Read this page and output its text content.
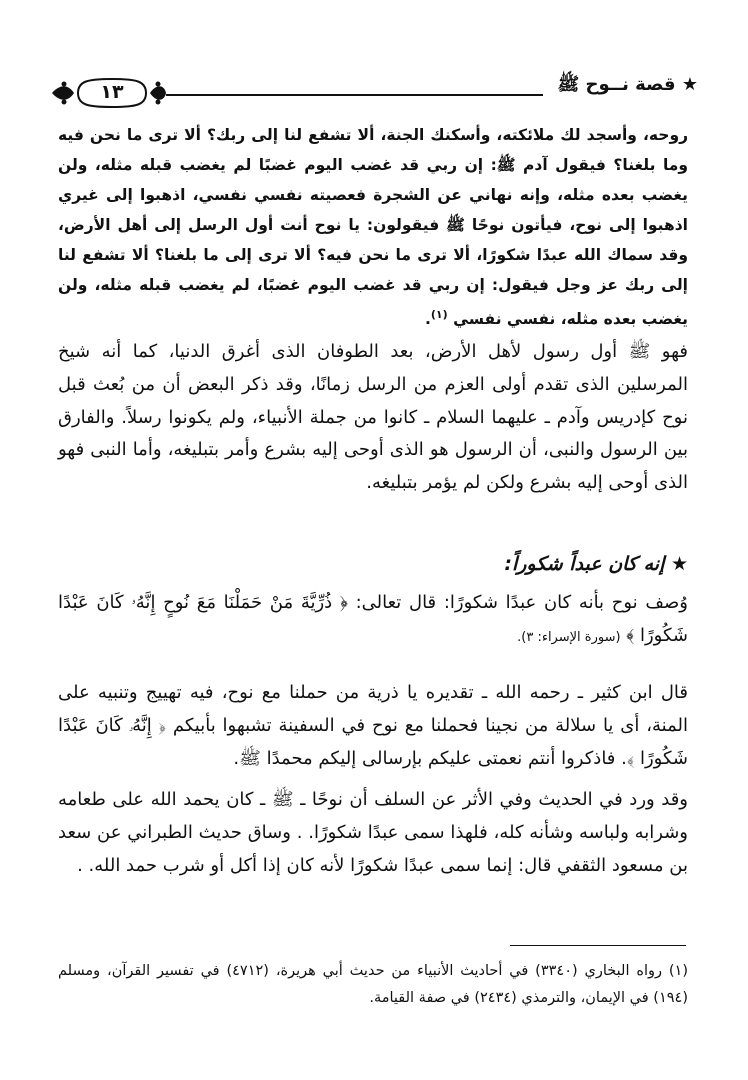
١٣	★ قصة نــوح ﷺ
روحه، وأسجد لك ملائكته، وأسكنك الجنة، ألا تشفع لنا إلى ربك؟ ألا ترى ما نحن فيه وما بلغنا؟ فيقول آدم ﷺ: إن ربي قد غضب اليوم غضبًا لم يغضب قبله مثله، ولن يغضب بعده مثله، وإنه نهاني عن الشجرة فعصيته نفسي نفسي، اذهبوا إلى غيري اذهبوا إلى نوح، فيأتون نوحًا ﷺ فيقولون: يا نوح أنت أول الرسل إلى أهل الأرض، وقد سماك الله عبدًا شكورًا، ألا ترى ما نحن فيه؟ ألا ترى إلى ما بلغنا؟ ألا تشفع لنا إلى ربك عز وجل فيقول: إن ربي قد غضب اليوم غضبًا، لم يغضب قبله مثله، ولن يغضب بعده مثله، نفسي نفسي $^{(١)}$.
فهو ﷺ أول رسول لأهل الأرض، بعد الطوفان الذى أغرق الدنيا، كما أنه شيخ المرسلين الذى تقدم أولى العزم من الرسل زمانًا، وقد ذكر البعض أن من بُعث قبل نوح كإدريس وآدم ـ عليهما السلام ـ كانوا من جملة الأنبياء، ولم يكونوا رسلاً. والفارق بين الرسول والنبى، أن الرسول هو الذى أوحى إليه بشرع وأمر بتبليغه، وأما النبى فهو الذى أوحى إليه بشرع ولكن لم يؤمر بتبليغه.
★ إنه كان عبداً شكوراً:
وُصف نوح بأنه كان عبدًا شكورًا: قال تعالى: ﴿ ذُرِّيَّةَ مَنْ حَمَلْنَا مَعَ نُوحٍ إِنَّهُۥ كَانَ عَبْدًا شَكُورًا ﴾ (سورة الإسراء: ٣).
قال ابن كثير ـ رحمه الله ـ تقديره يا ذرية من حملنا مع نوح، فيه تهييج وتنبيه على المنة، أى يا سلالة من نجينا فحملنا مع نوح في السفينة تشبهوا بأبيكم ﴿ إِنَّهُۥ كَانَ عَبْدًا شَكُورًا ﴾. فاذكروا أنتم نعمتى عليكم بإرسالى إليكم محمدًا ﷺ.
وقد ورد في الحديث وفي الأثر عن السلف أن نوحًا ـ ﷺ ـ كان يحمد الله على طعامه وشرابه ولباسه وشأنه كله، فلهذا سمى عبدًا شكورًا. . وساق حديث الطبراني عن سعد بن مسعود الثقفي قال: إنما سمى عبدًا شكورًا لأنه كان إذا أكل أو شرب حمد الله. .
(١) رواه البخاري (٣٣٤٠) في أحاديث الأنبياء من حديث أبي هريرة، (٤٧١٢) في تفسير القرآن، ومسلم (١٩٤) في الإيمان، والترمذي (٢٤٣٤) في صفة القيامة.
